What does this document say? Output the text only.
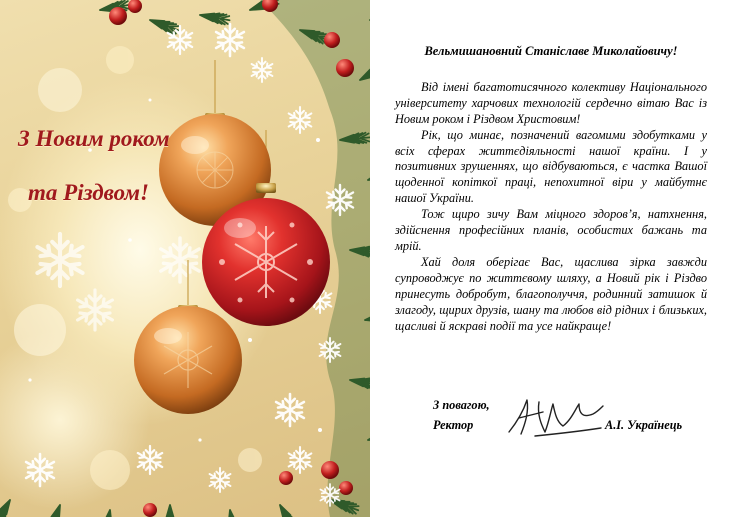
З Новим роком
та Різдвом!
Вельмишановний Станіславе Миколайовичу!

Від імені багатотисячного колективу Національного університету харчових технологій сердечно вітаю Вас із Новим роком і Різдвом Христовим!

Рік, що минає, позначений вагомими здобутками у всіх сферах життєдіяльності нашої країни. І у позитивних зрушеннях, що відбуваються, є частка Вашої щоденної копіткої праці, непохитної віри у майбутнє нашої України.

Тож щиро зичу Вам міцного здоров’я, натхнення, здійснення професійних планів, особистих бажань та мрій.

Хай доля оберігає Вас, щаслива зірка завжди супроводжує по життєвому шляху, а Новий рік і Різдво принесуть добробут, благополуччя, родинний затишок й злагоду, щирих друзів, шану та любов від рідних і близьких, щасливі й яскраві події та усе найкраще!

З повагою,
Ректор	А.І. Українець
